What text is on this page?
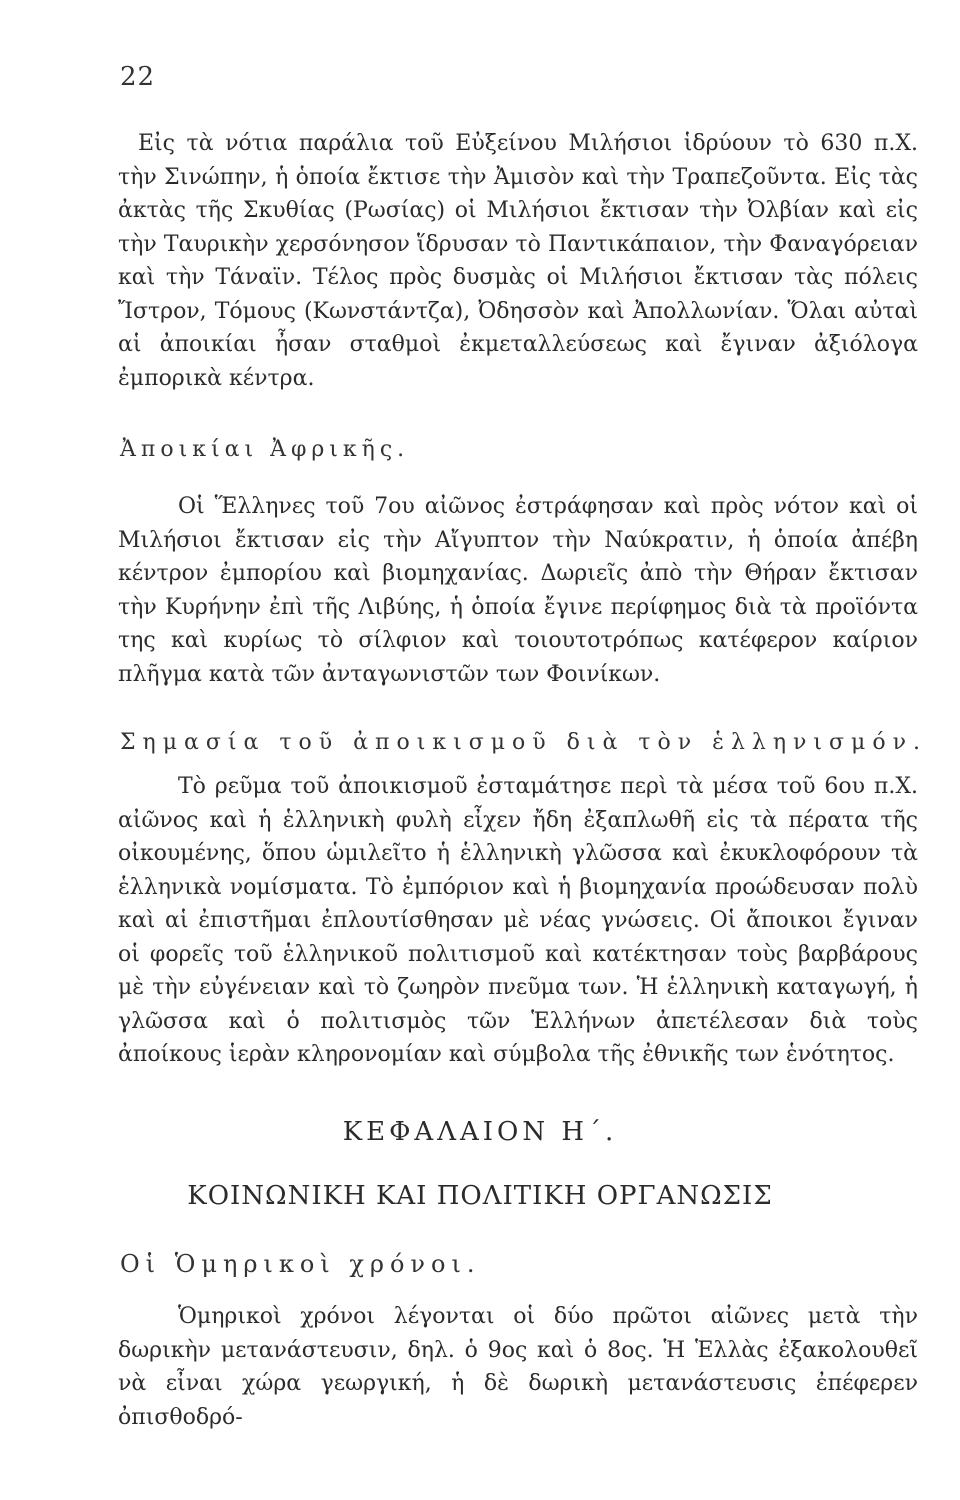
22

Εἰς τὰ νότια παράλια τοῦ Εὐξείνου Μιλήσιοι ἱδρύουν τὸ 630 π.Χ. τὴν Σινώπην, ἡ ὁποία ἔκτισε τὴν Ἀμισὸν καὶ τὴν Τραπεζοῦντα. Εἰς τὰς ἀκτὰς τῆς Σκυθίας (Ρωσίας) οἱ Μιλήσιοι ἔκτισαν τὴν Ὀλβίαν καὶ εἰς τὴν Ταυρικὴν χερσόνησον ἵδρυσαν τὸ Παντικάπαιον, τὴν Φαναγόρειαν καὶ τὴν Τάναϊν. Τέλος πρὸς δυσμὰς οἱ Μιλήσιοι ἔκτισαν τὰς πόλεις Ἴστρον, Τόμους (Κωνστάντζα), Ὀδησσὸν καὶ Ἀπολλωνίαν. Ὅλαι αὐταὶ αἱ ἀποικίαι ἦσαν σταθμοὶ ἐκμεταλλεύσεως καὶ ἔγιναν ἀξιόλογα ἐμπορικὰ κέντρα.

Ἀποικίαι Ἀφρικῆς.

Οἱ Ἕλληνες τοῦ 7ου αἰῶνος ἐστράφησαν καὶ πρὸς νότον καὶ οἱ Μιλήσιοι ἔκτισαν εἰς τὴν Αἴγυπτον τὴν Ναύκρατιν, ἡ ὁποία ἀπέβη κέντρον ἐμπορίου καὶ βιομηχανίας. Δωριεῖς ἀπὸ τὴν Θήραν ἔκτισαν τὴν Κυρήνην ἐπὶ τῆς Λιβύης, ἡ ὁποία ἔγινε περίφημος διὰ τὰ προϊόντα της καὶ κυρίως τὸ σίλφιον καὶ τοιουτοτρόπως κατέφερον καίριον πλῆγμα κατὰ τῶν ἀνταγωνιστῶν των Φοινίκων.

Σημασία τοῦ ἀποικισμοῦ διὰ τὸν ἑλληνισμόν.

Τὸ ρεῦμα τοῦ ἀποικισμοῦ ἐσταμάτησε περὶ τὰ μέσα τοῦ 6ου π.Χ. αἰῶνος καὶ ἡ ἑλληνικὴ φυλὴ εἶχεν ἤδη ἐξαπλωθῆ εἰς τὰ πέρατα τῆς οἰκουμένης, ὅπου ὡμιλεῖτο ἡ ἑλληνικὴ γλῶσσα καὶ ἐκυκλοφόρουν τὰ ἑλληνικὰ νομίσματα. Τὸ ἐμπόριον καὶ ἡ βιομηχανία προώδευσαν πολὺ καὶ αἱ ἐπιστῆμαι ἐπλουτίσθησαν μὲ νέας γνώσεις. Οἱ ἄποικοι ἔγιναν οἱ φορεῖς τοῦ ἑλληνικοῦ πολιτισμοῦ καὶ κατέκτησαν τοὺς βαρβάρους μὲ τὴν εὐγένειαν καὶ τὸ ζωηρὸν πνεῦμα των. Ἡ ἑλληνικὴ καταγωγή, ἡ γλῶσσα καὶ ὁ πολιτισμὸς τῶν Ἑλλήνων ἀπετέλεσαν διὰ τοὺς ἀποίκους ἱερὰν κληρονομίαν καὶ σύμβολα τῆς ἐθνικῆς των ἑνότητος.

ΚΕΦΑΛΑΙΟΝ Η΄.
ΚΟΙΝΩΝΙΚΗ ΚΑΙ ΠΟΛΙΤΙΚΗ ΟΡΓΑΝΩΣΙΣ
Οἱ Ὁμηρικοὶ χρόνοι.

Ὁμηρικοὶ χρόνοι λέγονται οἱ δύο πρῶτοι αἰῶνες μετὰ τὴν δωρικὴν μετανάστευσιν, δηλ. ὁ 9ος καὶ ὁ 8ος. Ἡ Ἑλλὰς ἐξακολουθεῖ νὰ εἶναι χώρα γεωργική, ἡ δὲ δωρικὴ μετανάστευσις ἐπέφερεν ὀπισθοδρό-
